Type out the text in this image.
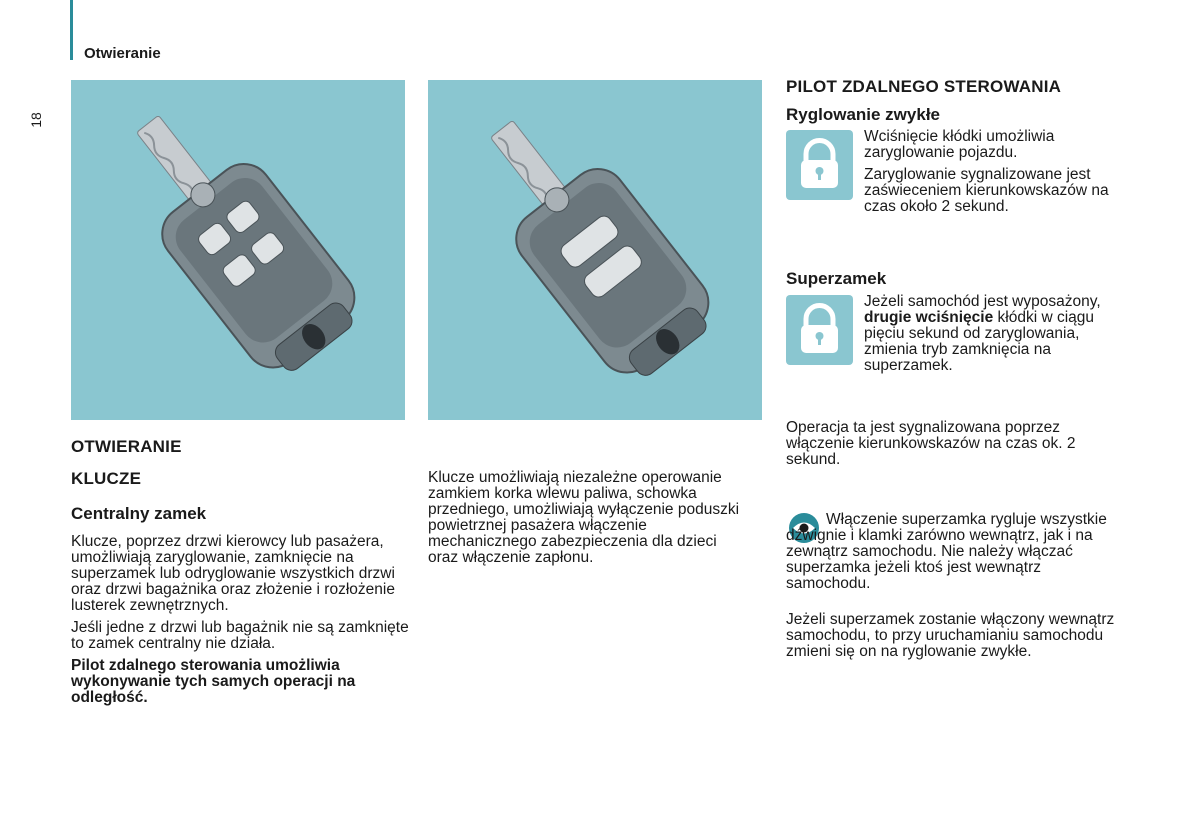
Otwieranie
18
OTWIERANIE
KLUCZE
Centralny zamek

Klucze, poprzez drzwi kierowcy lub pasażera, umożliwiają zaryglowanie, zamknięcie na superzamek lub odryglowanie wszystkich drzwi oraz drzwi bagażnika oraz złożenie i rozłożenie lusterek zewnętrznych.

Jeśli jedne z drzwi lub bagażnik nie są zamknięte to zamek centralny nie działa.

Pilot zdalnego sterowania umożliwia wykonywanie tych samych operacji na odległość.

Klucze umożliwiają niezależne operowanie zamkiem korka wlewu paliwa, schowka przedniego, umożliwiają wyłączenie poduszki powietrznej pasażera włączenie mechanicznego zabezpieczenia dla dzieci oraz włączenie zapłonu.

PILOT ZDALNEGO STEROWANIA
Ryglowanie zwykłe

Wciśnięcie kłódki umożliwia zaryglowanie pojazdu.

Zaryglowanie sygnalizowane jest zaświeceniem kierunkowskazów na czas około 2 sekund.

Superzamek
Jeżeli samochód jest wyposażony, drugie wciśnięcie kłódki w ciągu pięciu sekund od zaryglowania, zmienia tryb zamknięcia na superzamek.

Operacja ta jest sygnalizowana poprzez włączenie kierunkowskazów na czas ok. 2 sekund.

Włączenie superzamka rygluje wszystkie dźwignie i klamki zarówno wewnątrz, jak i na zewnątrz samochodu. Nie należy włączać superzamka jeżeli ktoś jest wewnątrz samochodu.

Jeżeli superzamek zostanie włączony wewnątrz samochodu, to przy uruchamianiu samochodu zmieni się on na ryglowanie zwykłe.
